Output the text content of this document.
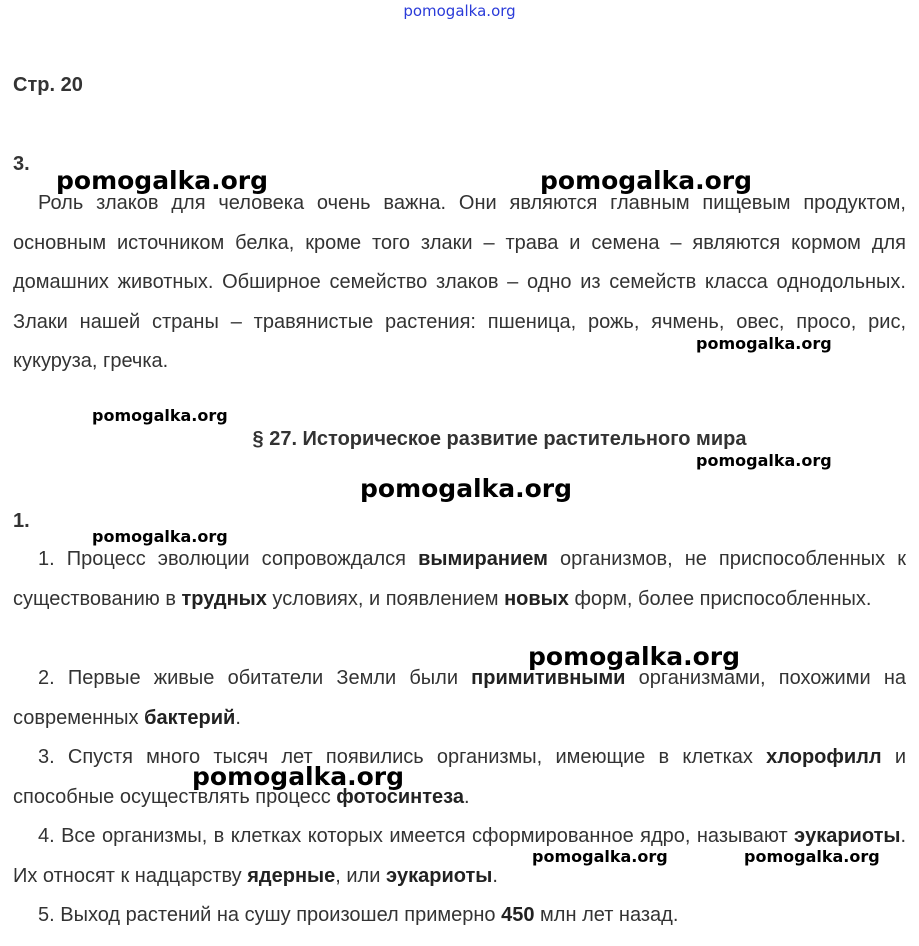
pomogalka.org
Стр. 20
3.

Роль злаков для человека очень важна. Они являются главным пищевым продуктом, основным источником белка, кроме того злаки – трава и семена – являются кормом для домашних животных. Обширное семейство злаков – одно из семейств класса однодольных. Злаки нашей страны – травянистые растения: пшеница, рожь, ячмень, овес, просо, рис, кукуруза, гречка.

§ 27. Историческое развитие растительного мира
1.

1. Процесс эволюции сопровождался вымиранием организмов, не приспособленных к существованию в трудных условиях, и появлением новых форм, более приспособленных.

2. Первые живые обитатели Земли были примитивными организмами, похожими на современных бактерий.

3. Спустя много тысяч лет появились организмы, имеющие в клетках хлорофилл и способные осуществлять процесс фотосинтеза.

4. Все организмы, в клетках которых имеется сформированное ядро, называют эукариоты. Их относят к надцарству ядерные, или эукариоты.

5. Выход растений на сушу произошел примерно 450 млн лет назад.

pomogalka.org	pomogalka.org
pomogalka.org
pomogalka.org
pomogalka.org
pomogalka.org
pomogalka.org
pomogalka.org
pomogalka.org
pomogalka.org	pomogalka.org
